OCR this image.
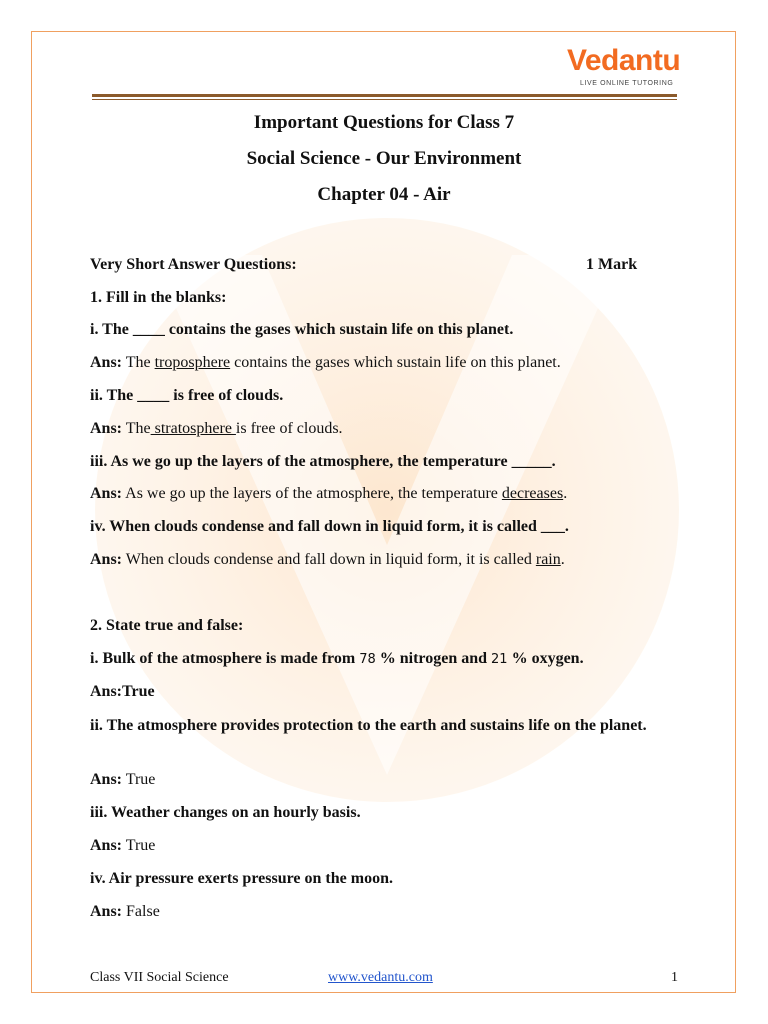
Vedantu
LIVE ONLINE TUTORING
Important Questions for Class 7
Social Science - Our Environment
Chapter 04 - Air
Very Short Answer Questions:	1 Mark
1. Fill in the blanks:
i. The ____ contains the gases which sustain life on this planet.
Ans: The troposphere contains the gases which sustain life on this planet.
ii. The ____ is free of clouds.
Ans: The stratosphere is free of clouds.
iii. As we go up the layers of the atmosphere, the temperature _____.
Ans: As we go up the layers of the atmosphere, the temperature decreases.
iv. When clouds condense and fall down in liquid form, it is called ___.
Ans: When clouds condense and fall down in liquid form, it is called rain.
2. State true and false:
i. Bulk of the atmosphere is made from 78 % nitrogen and 21 % oxygen.
Ans:True
ii. The atmosphere provides protection to the earth and sustains life on the planet.
Ans: True
iii. Weather changes on an hourly basis.
Ans: True
iv. Air pressure exerts pressure on the moon.
Ans: False
Class VII Social Science	www.vedantu.com	1
